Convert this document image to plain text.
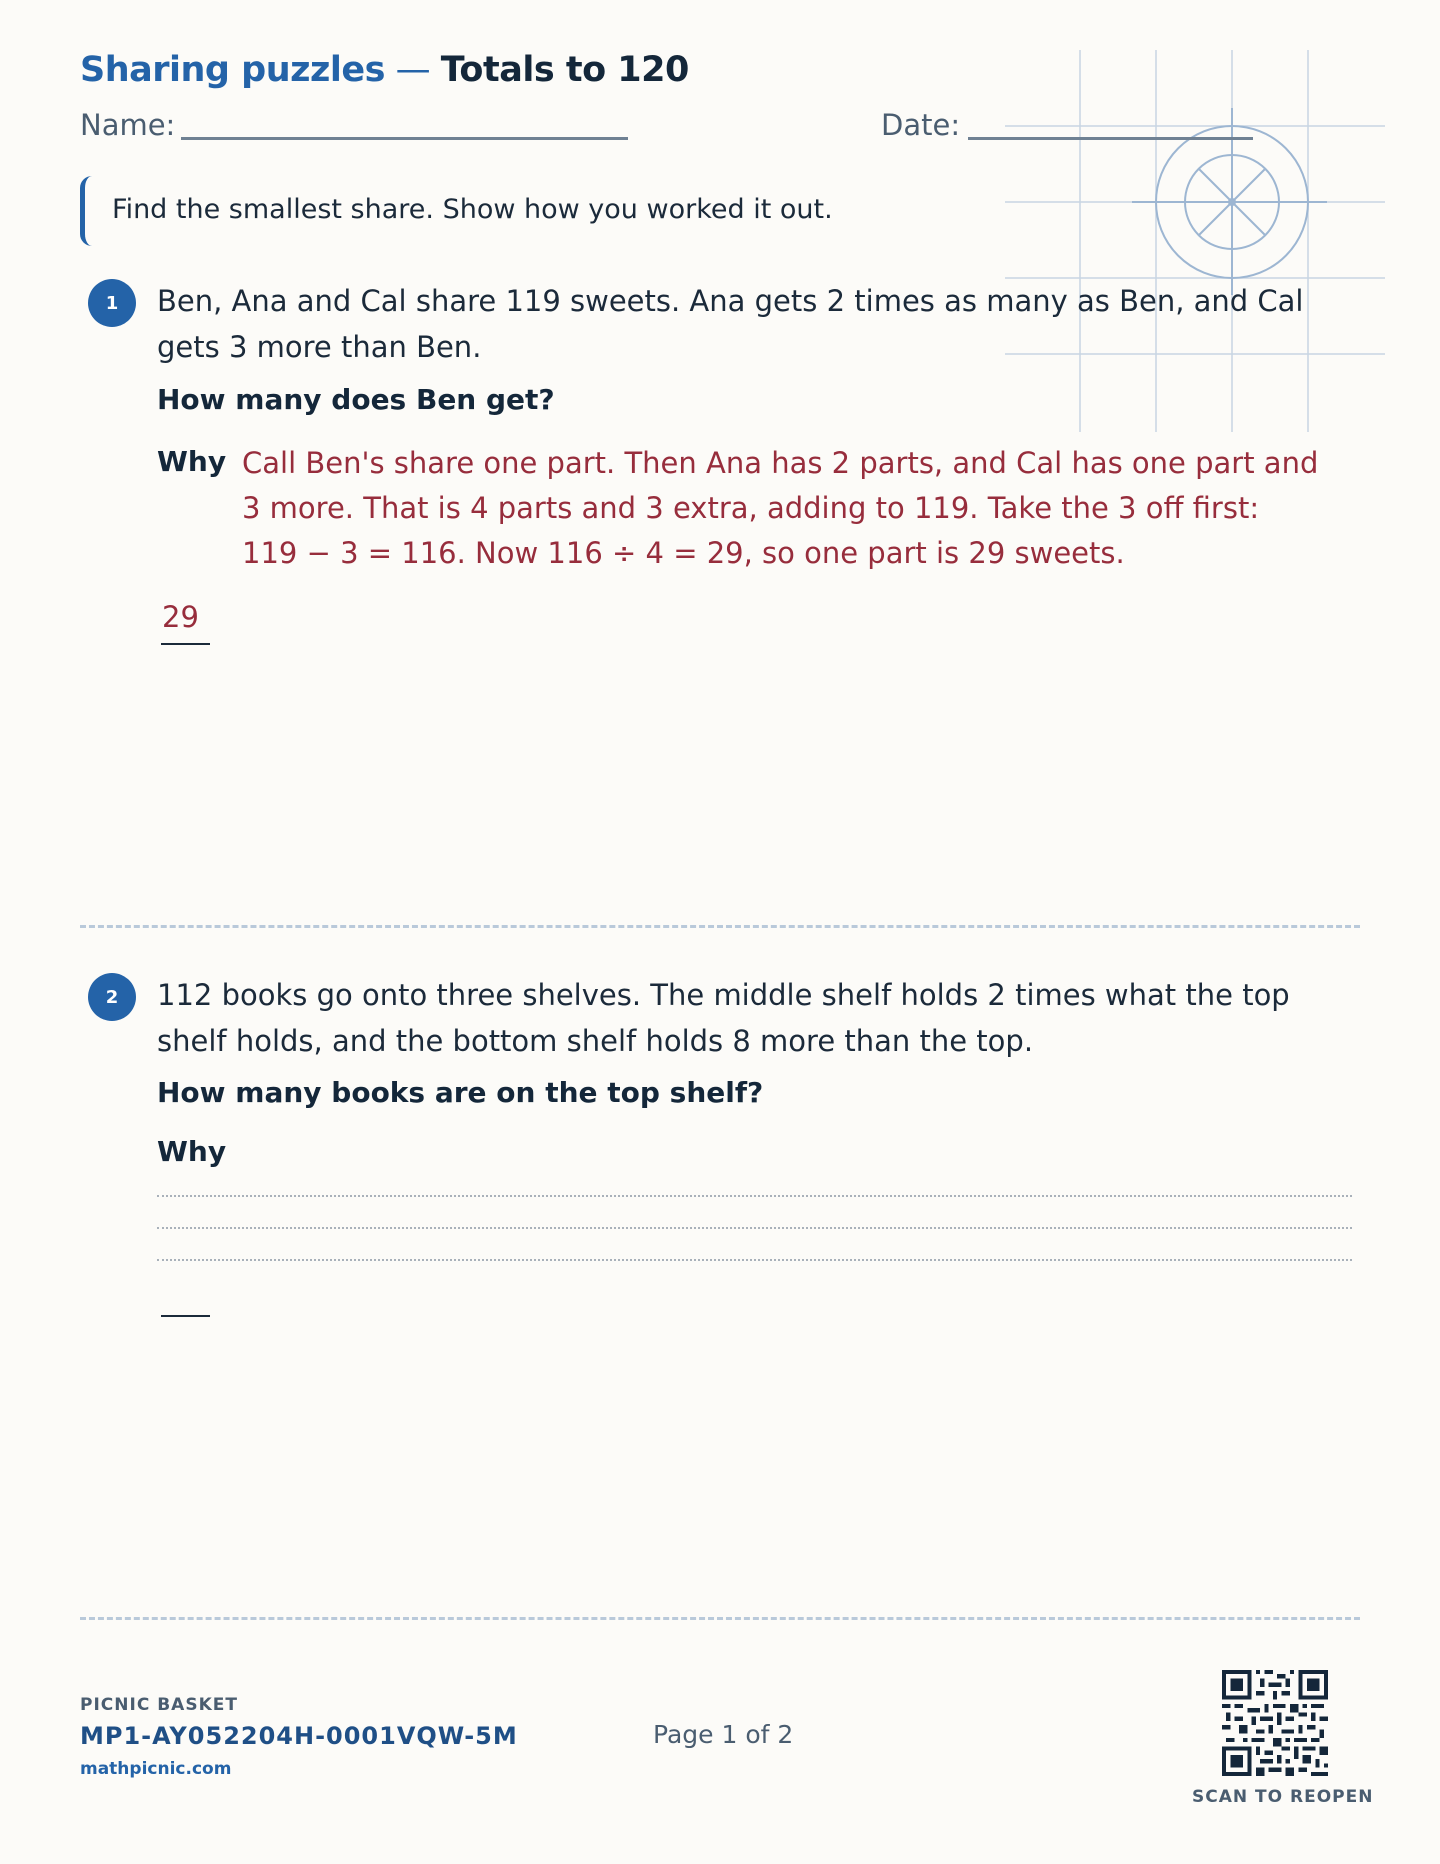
Sharing puzzles — Totals to 120
Name:	Date:
Find the smallest share. Show how you worked it out.
1	Ben, Ana and Cal share 119 sweets. Ana gets 2 times as many as Ben, and Cal gets 3 more than Ben.
How many does Ben get?
Why Call Ben's share one part. Then Ana has 2 parts, and Cal has one part and 3 more. That is 4 parts and 3 extra, adding to 119. Take the 3 off first: 119 − 3 = 116. Now 116 ÷ 4 = 29, so one part is 29 sweets.
29
2	112 books go onto three shelves. The middle shelf holds 2 times what the top shelf holds, and the bottom shelf holds 8 more than the top.
How many books are on the top shelf?
Why
PICNIC BASKET
MP1-AY052204H-0001VQW-5M
mathpicnic.com
Page 1 of 2
SCAN TO REOPEN
